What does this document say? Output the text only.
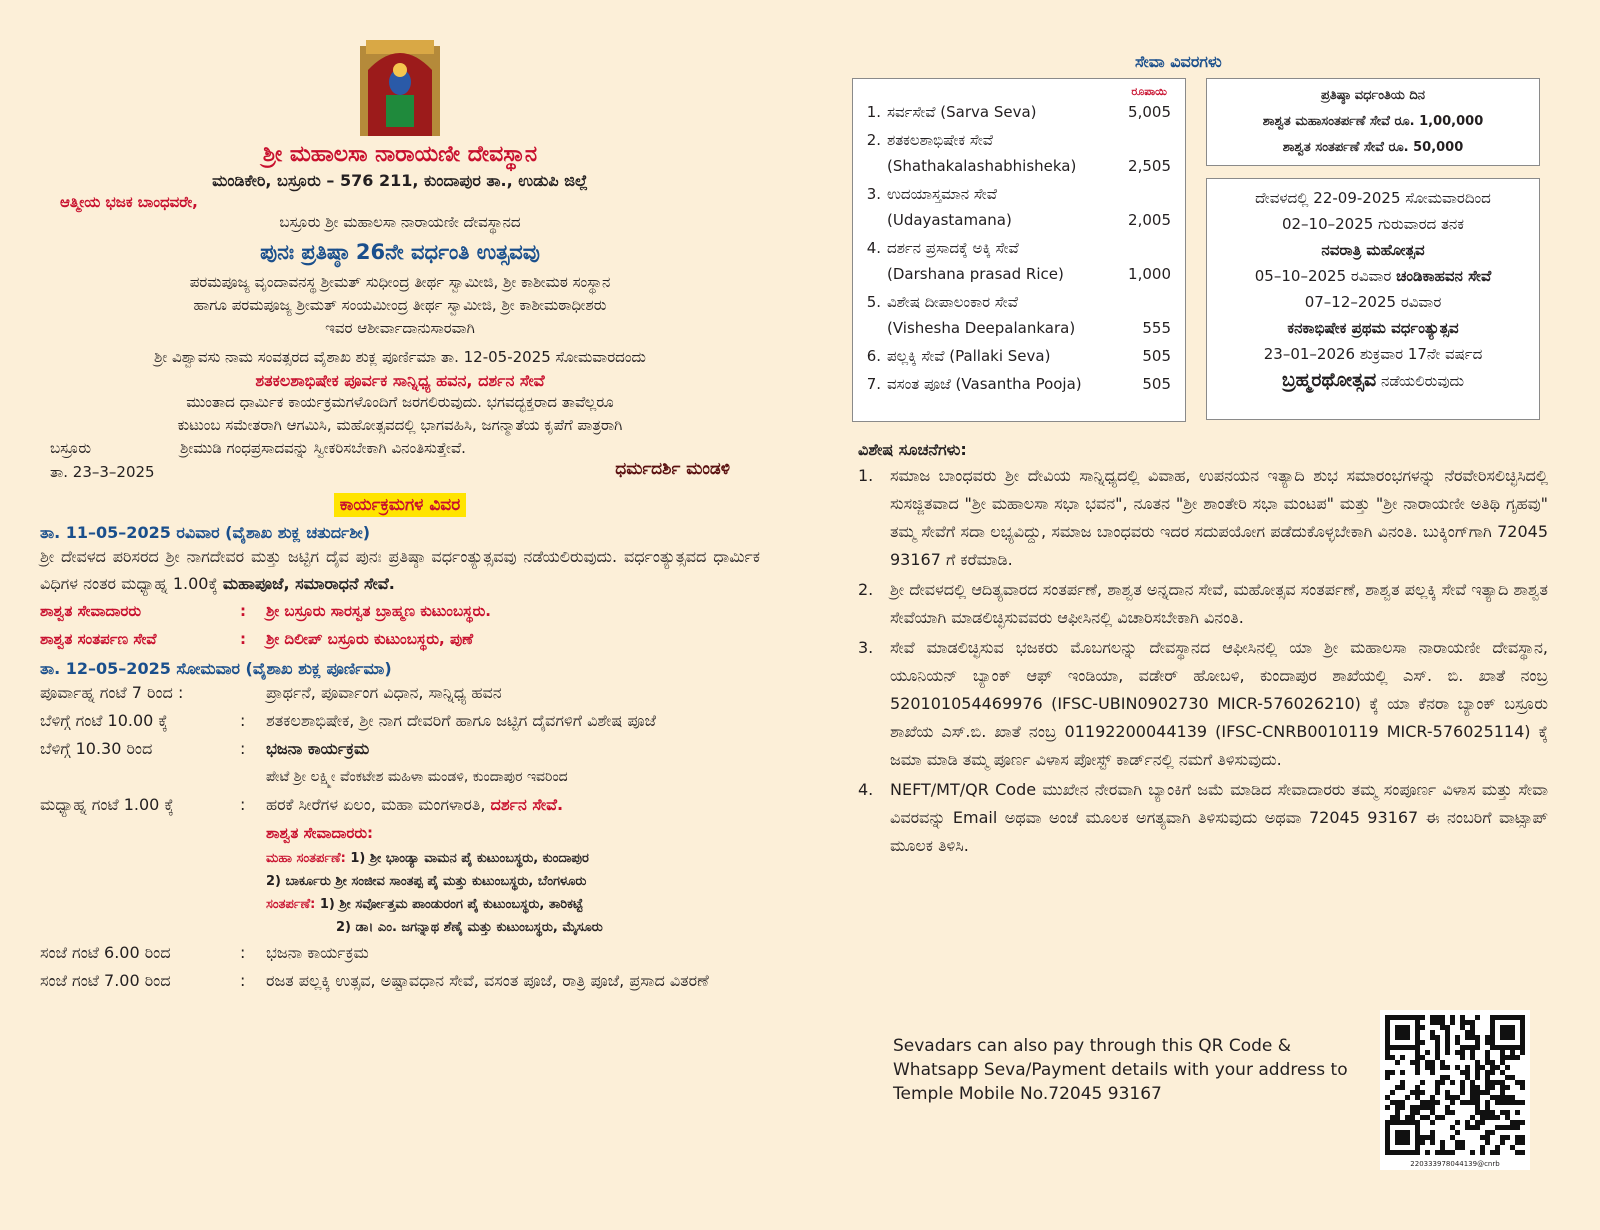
ಶ್ರೀ ಮಹಾಲಸಾ ನಾರಾಯಣೀ ದೇವಸ್ಥಾನ
ಮಂಡಿಕೇರಿ, ಬಸ್ರೂರು – 576 211, ಕುಂದಾಪುರ ತಾ., ಉಡುಪಿ ಜಿಲ್ಲೆ
ಆತ್ಮೀಯ ಭಜಕ ಬಾಂಧವರೇ,
ಬಸ್ರೂರು ಶ್ರೀ ಮಹಾಲಸಾ ನಾರಾಯಣೀ ದೇವಸ್ಥಾನದ
ಪುನಃ ಪ್ರತಿಷ್ಠಾ 26ನೇ ವರ್ಧಂತಿ ಉತ್ಸವವು
ಪರಮಪೂಜ್ಯ ವೃಂದಾವನಸ್ಥ ಶ್ರೀಮತ್ ಸುಧೀಂದ್ರ ತೀರ್ಥ ಸ್ವಾಮೀಜಿ, ಶ್ರೀ ಕಾಶೀಮಠ ಸಂಸ್ಥಾನ
ಹಾಗೂ ಪರಮಪೂಜ್ಯ ಶ್ರೀಮತ್ ಸಂಯಮೀಂದ್ರ ತೀರ್ಥ ಸ್ವಾಮೀಜಿ, ಶ್ರೀ ಕಾಶೀಮಠಾಧೀಶರು
ಇವರ ಆಶೀರ್ವಾದಾನುಸಾರವಾಗಿ
ಶ್ರೀ ವಿಶ್ವಾವಸು ನಾಮ ಸಂವತ್ಸರದ ವೈಶಾಖ ಶುಕ್ಲ ಪೂರ್ಣಿಮಾ ತಾ. 12-05-2025 ಸೋಮವಾರದಂದು
ಶತಕಲಶಾಭಿಷೇಕ ಪೂರ್ವಕ ಸಾನ್ನಿಧ್ಯ ಹವನ, ದರ್ಶನ ಸೇವೆ
ಮುಂತಾದ ಧಾರ್ಮಿಕ ಕಾರ್ಯಕ್ರಮಗಳೊಂದಿಗೆ ಜರಗಲಿರುವುದು. ಭಗವದ್ಭಕ್ತರಾದ ತಾವೆಲ್ಲರೂ
ಕುಟುಂಬ ಸಮೇತರಾಗಿ ಆಗಮಿಸಿ, ಮಹೋತ್ಸವದಲ್ಲಿ ಭಾಗವಹಿಸಿ, ಜಗನ್ಮಾತೆಯ ಕೃಪೆಗೆ ಪಾತ್ರರಾಗಿ
ಬಸ್ರೂರು	ಶ್ರೀಮುಡಿ ಗಂಧಪ್ರಸಾದವನ್ನು ಸ್ವೀಕರಿಸಬೇಕಾಗಿ ವಿನಂತಿಸುತ್ತೇವೆ.
ತಾ. 23–3–2025	ಧರ್ಮದರ್ಶಿ ಮಂಡಳಿ
ಕಾರ್ಯಕ್ರಮಗಳ ವಿವರ
ತಾ. 11–05–2025 ರವಿವಾರ (ವೈಶಾಖ ಶುಕ್ಲ ಚತುರ್ದಶೀ)
ಶ್ರೀ ದೇವಳದ ಪರಿಸರದ ಶ್ರೀ ನಾಗದೇವರ ಮತ್ತು ಜಟ್ಟಿಗ ದೈವ ಪುನಃ ಪ್ರತಿಷ್ಠಾ ವರ್ಧಂತ್ಯುತ್ಸವವು ನಡೆಯಲಿರುವುದು. ವರ್ಧಂತ್ಯುತ್ಸವದ ಧಾರ್ಮಿಕ ವಿಧಿಗಳ ನಂತರ ಮಧ್ಯಾಹ್ನ 1.00ಕ್ಕೆ ಮಹಾಪೂಜೆ, ಸಮಾರಾಧನೆ ಸೇವೆ.
ಶಾಶ್ವತ ಸೇವಾದಾರರು	:	ಶ್ರೀ ಬಸ್ರೂರು ಸಾರಸ್ವತ ಬ್ರಾಹ್ಮಣ ಕುಟುಂಬಸ್ಥರು.
ಶಾಶ್ವತ ಸಂತರ್ಪಣ ಸೇವೆ	:	ಶ್ರೀ ದಿಲೀಪ್ ಬಸ್ರೂರು ಕುಟುಂಬಸ್ಥರು, ಪುಣೆ
ತಾ. 12–05–2025 ಸೋಮವಾರ (ವೈಶಾಖ ಶುಕ್ಲ ಪೂರ್ಣಿಮಾ)
ಪೂರ್ವಾಹ್ನ ಗಂಟೆ 7 ರಿಂದ :	ಪ್ರಾರ್ಥನೆ, ಪೂರ್ವಾಂಗ ವಿಧಾನ, ಸಾನ್ನಿಧ್ಯ ಹವನ
ಬೆಳಿಗ್ಗೆ ಗಂಟೆ 10.00 ಕ್ಕೆ	:	ಶತಕಲಶಾಭಿಷೇಕ, ಶ್ರೀ ನಾಗ ದೇವರಿಗೆ ಹಾಗೂ ಜಟ್ಟಿಗ ದೈವಗಳಿಗೆ ವಿಶೇಷ ಪೂಜೆ
ಬೆಳಿಗ್ಗೆ 10.30 ರಿಂದ	:	ಭಜನಾ ಕಾರ್ಯಕ್ರಮ
ಪೇಟೆ ಶ್ರೀ ಲಕ್ಷ್ಮೀ ವೆಂಕಟೇಶ ಮಹಿಳಾ ಮಂಡಳಿ, ಕುಂದಾಪುರ ಇವರಿಂದ
ಮಧ್ಯಾಹ್ನ ಗಂಟೆ 1.00 ಕ್ಕೆ	:	ಹರಕೆ ಸೀರೆಗಳ ಏಲಂ, ಮಹಾ ಮಂಗಳಾರತಿ, ದರ್ಶನ ಸೇವೆ.
ಶಾಶ್ವತ ಸೇವಾದಾರರು:
ಮಹಾ ಸಂತರ್ಪಣೆ: 1) ಶ್ರೀ ಭಾಂಡ್ಯಾ ವಾಮನ ಪೈ ಕುಟುಂಬಸ್ಥರು, ಕುಂದಾಪುರ
2) ಬಾರ್ಕೂರು ಶ್ರೀ ಸಂಜೀವ ಸಾಂತಪ್ಪ ಪೈ ಮತ್ತು ಕುಟುಂಬಸ್ಥರು, ಬೆಂಗಳೂರು
ಸಂತರ್ಪಣೆ: 1) ಶ್ರೀ ಸರ್ವೋತ್ತಮ ಪಾಂಡುರಂಗ ಪೈ ಕುಟುಂಬಸ್ಥರು, ತಾರಿಕಟ್ಟೆ
2) ಡಾ। ಎಂ. ಜಗನ್ನಾಥ ಶೆಣೈ ಮತ್ತು ಕುಟುಂಬಸ್ಥರು, ಮೈಸೂರು
ಸಂಜೆ ಗಂಟೆ 6.00 ರಿಂದ	:	ಭಜನಾ ಕಾರ್ಯಕ್ರಮ
ಸಂಜೆ ಗಂಟೆ 7.00 ರಿಂದ	:	ರಜತ ಪಲ್ಲಕ್ಕಿ ಉತ್ಸವ, ಅಷ್ಟಾವಧಾನ ಸೇವೆ, ವಸಂತ ಪೂಜೆ, ರಾತ್ರಿ ಪೂಜೆ, ಪ್ರಸಾದ ವಿತರಣೆ
ಸೇವಾ ವಿವರಗಳು
ರೂಪಾಯಿ
1. ಸರ್ವಸೇವೆ (Sarva Seva)	5,005
2. ಶತಕಲಶಾಭಿಷೇಕ ಸೇವೆ
(Shathakalashabhisheka)	2,505
3. ಉದಯಾಸ್ತಮಾನ ಸೇವೆ
(Udayastamana)	2,005
4. ದರ್ಶನ ಪ್ರಸಾದಕ್ಕೆ ಅಕ್ಕಿ ಸೇವೆ
(Darshana prasad Rice)	1,000
5. ವಿಶೇಷ ದೀಪಾಲಂಕಾರ ಸೇವೆ
(Vishesha Deepalankara)	555
6. ಪಲ್ಲಕ್ಕಿ ಸೇವೆ (Pallaki Seva)	505
7. ವಸಂತ ಪೂಜೆ (Vasantha Pooja)	505
ಪ್ರತಿಷ್ಠಾ ವರ್ಧಂತಿಯ ದಿನ
ಶಾಶ್ವತ ಮಹಾಸಂತರ್ಪಣೆ ಸೇವೆ ರೂ. 1,00,000
ಶಾಶ್ವತ ಸಂತರ್ಪಣೆ ಸೇವೆ ರೂ. 50,000
ದೇವಳದಲ್ಲಿ 22-09-2025 ಸೋಮವಾರದಿಂದ
02–10–2025 ಗುರುವಾರದ ತನಕ
ನವರಾತ್ರಿ ಮಹೋತ್ಸವ
05–10–2025 ರವಿವಾರ ಚಂಡಿಕಾಹವನ ಸೇವೆ
07–12–2025 ರವಿವಾರ
ಕನಕಾಭಿಷೇಕ ಪ್ರಥಮ ವರ್ಧಂತ್ಯುತ್ಸವ
23–01–2026 ಶುಕ್ರವಾರ 17ನೇ ವರ್ಷದ
ಬ್ರಹ್ಮರಥೋತ್ಸವ ನಡೆಯಲಿರುವುದು
ವಿಶೇಷ ಸೂಚನೆಗಳು:
1.	ಸಮಾಜ ಬಾಂಧವರು ಶ್ರೀ ದೇವಿಯ ಸಾನ್ನಿಧ್ಯದಲ್ಲಿ ವಿವಾಹ, ಉಪನಯನ ಇತ್ಯಾದಿ ಶುಭ ಸಮಾರಂಭಗಳನ್ನು ನೆರವೇರಿಸಲಿಚ್ಛಿಸಿದಲ್ಲಿ ಸುಸಜ್ಜಿತವಾದ "ಶ್ರೀ ಮಹಾಲಸಾ ಸಭಾ ಭವನ", ನೂತನ "ಶ್ರೀ ಶಾಂತೇರಿ ಸಭಾ ಮಂಟಪ" ಮತ್ತು "ಶ್ರೀ ನಾರಾಯಣೀ ಅತಿಥಿ ಗೃಹವು" ತಮ್ಮ ಸೇವೆಗೆ ಸದಾ ಲಭ್ಯವಿದ್ದು, ಸಮಾಜ ಬಾಂಧವರು ಇದರ ಸದುಪಯೋಗ ಪಡೆದುಕೊಳ್ಳಬೇಕಾಗಿ ವಿನಂತಿ. ಬುಕ್ಕಿಂಗ್‌ಗಾಗಿ 72045 93167 ಗೆ ಕರೆಮಾಡಿ.
2.	ಶ್ರೀ ದೇವಳದಲ್ಲಿ ಆದಿತ್ಯವಾರದ ಸಂತರ್ಪಣೆ, ಶಾಶ್ವತ ಅನ್ನದಾನ ಸೇವೆ, ಮಹೋತ್ಸವ ಸಂತರ್ಪಣೆ, ಶಾಶ್ವತ ಪಲ್ಲಕ್ಕಿ ಸೇವೆ ಇತ್ಯಾದಿ ಶಾಶ್ವತ ಸೇವೆಯಾಗಿ ಮಾಡಲಿಚ್ಛಿಸುವವರು ಆಫೀಸಿನಲ್ಲಿ ವಿಚಾರಿಸಬೇಕಾಗಿ ವಿನಂತಿ.
3.	ಸೇವೆ ಮಾಡಲಿಚ್ಛಿಸುವ ಭಜಕರು ಮೊಬಗಲನ್ನು ದೇವಸ್ಥಾನದ ಆಫೀಸಿನಲ್ಲಿ ಯಾ ಶ್ರೀ ಮಹಾಲಸಾ ನಾರಾಯಣೀ ದೇವಸ್ಥಾನ, ಯೂನಿಯನ್ ಬ್ಯಾಂಕ್ ಆಫ್ ಇಂಡಿಯಾ, ವಡೇರ್ ಹೋಬಳಿ, ಕುಂದಾಪುರ ಶಾಖೆಯಲ್ಲಿ ಎಸ್. ಬಿ. ಖಾತೆ ನಂಬ್ರ 520101054469976 (IFSC-UBIN0902730 MICR-576026210) ಕ್ಕೆ ಯಾ ಕೆನರಾ ಬ್ಯಾಂಕ್ ಬಸ್ರೂರು ಶಾಖೆಯ ಎಸ್.ಬಿ. ಖಾತೆ ನಂಬ್ರ 01192200044139 (IFSC-CNRB0010119 MICR-576025114) ಕ್ಕೆ ಜಮಾ ಮಾಡಿ ತಮ್ಮ ಪೂರ್ಣ ವಿಳಾಸ ಪೋಸ್ಟ್ ಕಾರ್ಡ್‌ನಲ್ಲಿ ನಮಗೆ ತಿಳಿಸುವುದು.
4.	NEFT/MT/QR Code ಮುಖೇನ ನೇರವಾಗಿ ಬ್ಯಾಂಕಿಗೆ ಜಮೆ ಮಾಡಿದ ಸೇವಾದಾರರು ತಮ್ಮ ಸಂಪೂರ್ಣ ವಿಳಾಸ ಮತ್ತು ಸೇವಾ ವಿವರವನ್ನು Email ಅಥವಾ ಅಂಚೆ ಮೂಲಕ ಅಗತ್ಯವಾಗಿ ತಿಳಿಸುವುದು ಅಥವಾ 72045 93167 ಈ ನಂಬರಿಗೆ ವಾಟ್ಸಾಪ್ ಮೂಲಕ ತಿಳಿಸಿ.
Sevadars can also pay through this QR Code & Whatsapp Seva/Payment details with your address to Temple Mobile No.72045 93167
220333978044139@cnrb
